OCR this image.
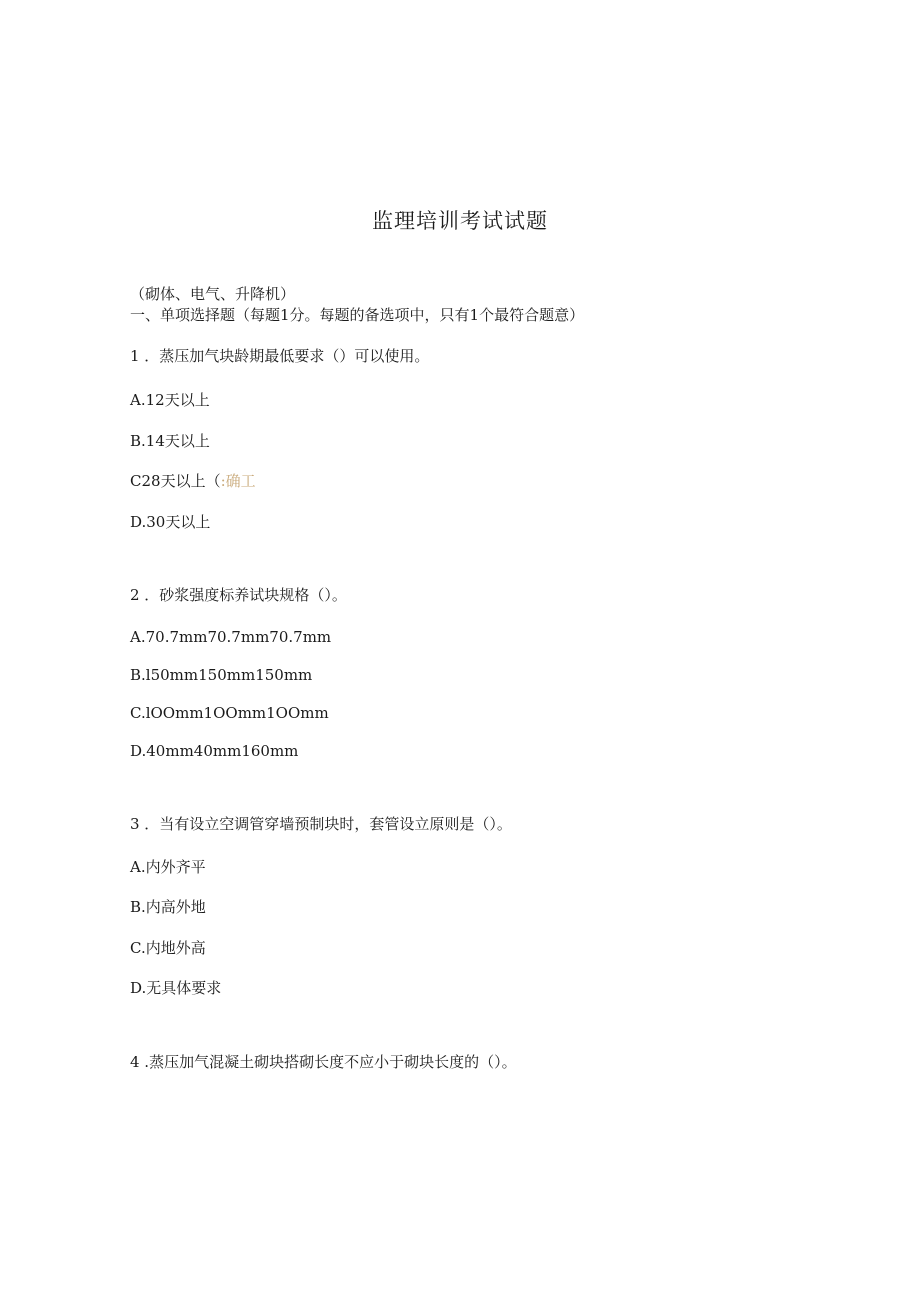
监理培训考试试题
（砌体、电气、升降机）
一、单项选择题（每题1分。每题的备选项中，只有1个最符合题意）
1 ．蒸压加气块龄期最低要求（）可以使用。
A.12天以上
B.14天以上
C28天以上（:确工
D.30天以上
2 ．砂浆强度标养试块规格（）。
A.70.7mm70.7mm70.7mm
B.l50mm150mm150mm
C.lOOmm1OOmm1OOmm
D.40mm40mm160mm
3 ．当有设立空调管穿墙预制块时，套管设立原则是（）。
A.内外齐平
B.内高外地
C.内地外高
D.无具体要求
4 .蒸压加气混凝土砌块搭砌长度不应小于砌块长度的（）。
